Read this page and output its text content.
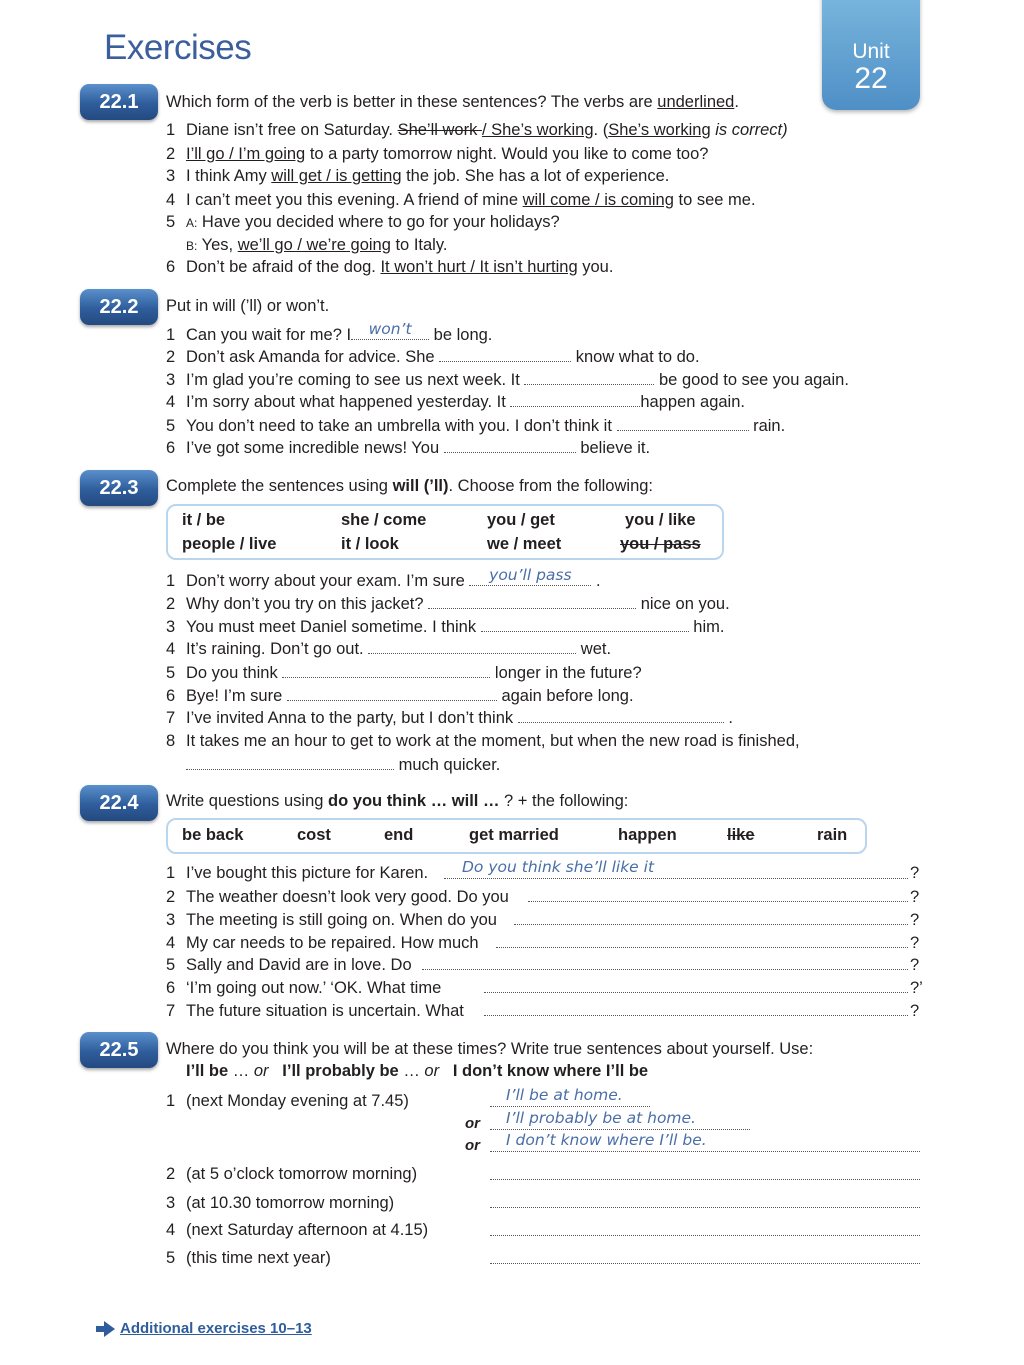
Exercises	Unit
22
22.1	Which form of the verb is better in these sentences? The verbs are underlined.
1 Diane isn’t free on Saturday. She’ll work / She’s working. (She’s working is correct)
2 I’ll go / I’m going to a party tomorrow night. Would you like to come too?
3 I think Amy will get / is getting the job. She has a lot of experience.
4 I can’t meet you this evening. A friend of mine will come / is coming to see me.
5 A: Have you decided where to go for your holidays?
B: Yes, we’ll go / we’re going to Italy.
6 Don’t be afraid of the dog. It won’t hurt / It isn’t hurting you.
22.2	Put in will (’ll) or won’t.
1 Can you wait for me? I	won’t	be long.
2 Don’t ask Amanda for advice. She	know what to do.
3 I’m glad you’re coming to see us next week. It	be good to see you again.
4 I’m sorry about what happened yesterday. It	happen again.
5 You don’t need to take an umbrella with you. I don’t think it	rain.
6 I’ve got some incredible news! You	believe it.
22.3	Complete the sentences using will (’ll). Choose from the following:
it / be	she / come	you / get	you / like
people / live	it / look	we / meet	you / pass
1 Don’t worry about your exam. I’m sure	you’ll pass	.
2 Why don’t you try on this jacket?	nice on you.
3 You must meet Daniel sometime. I think	him.
4 It’s raining. Don’t go out.	wet.
5 Do you think	longer in the future?
6 Bye! I’m sure	again before long.
7 I’ve invited Anna to the party, but I don’t think	.
8 It takes me an hour to get to work at the moment, but when the new road is finished,
much quicker.
22.4	Write questions using do you think … will … ? + the following:
be back	cost	end	get married	happen	like	rain
1 I’ve bought this picture for Karen. Do you think she’ll like it	?
2 The weather doesn’t look very good. Do you	?
3 The meeting is still going on. When do you	?
4 My car needs to be repaired. How much	?
5 Sally and David are in love. Do	?
6 ‘I’m going out now.’ ‘OK. What time	?’
7 The future situation is uncertain. What	?
22.5	Where do you think you will be at these times? Write true sentences about yourself. Use:
I’ll be … or I’ll probably be … or I don’t know where I’ll be
1 (next Monday evening at 7.45)	I’ll be at home.
or I’ll probably be at home.
or I don’t know where I’ll be.
2 (at 5 o’clock tomorrow morning)
3 (at 10.30 tomorrow morning)
4 (next Saturday afternoon at 4.15)
5 (this time next year)
Additional exercises 10–13
